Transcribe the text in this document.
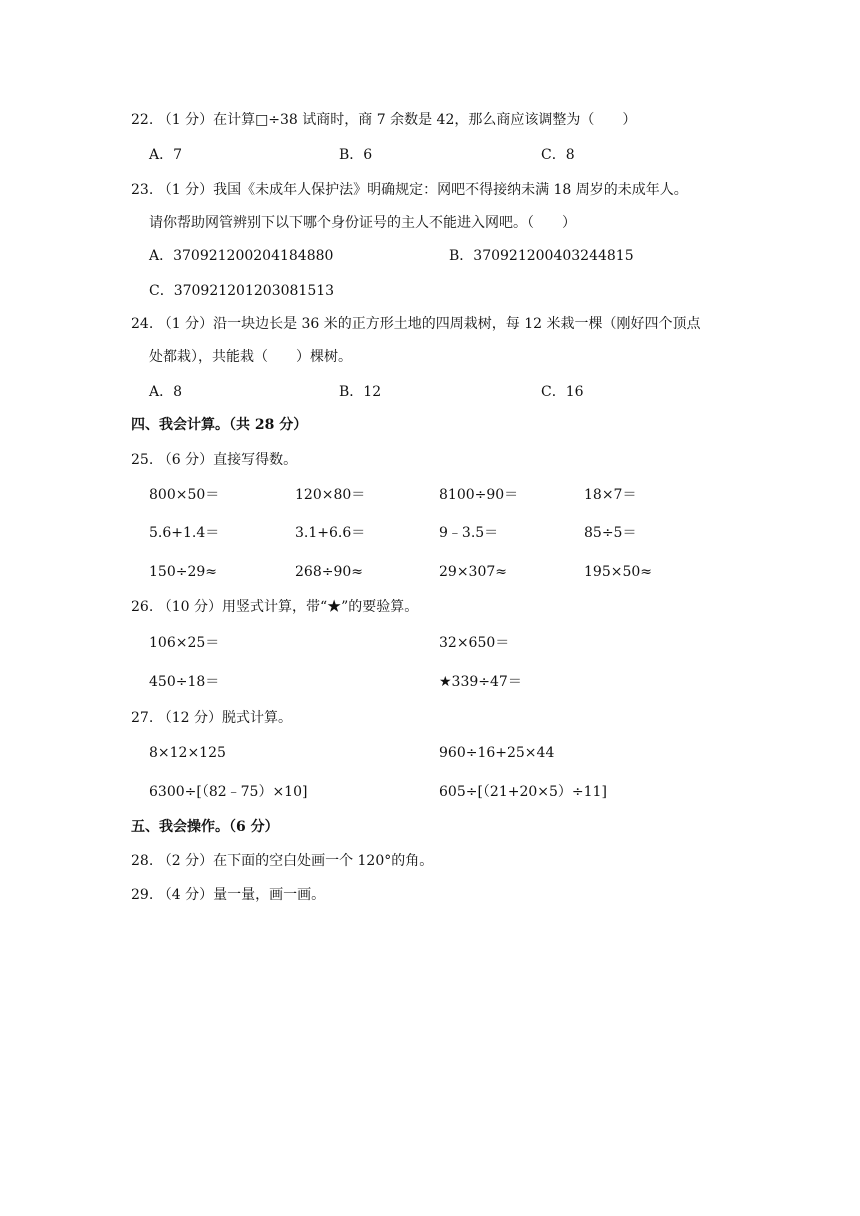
22. （1 分）在计算□÷38 试商时，商 7 余数是 42，那么商应该调整为（　　）
A．7	B．6	C．8
23. （1 分）我国《未成年人保护法》明确规定：网吧不得接纳未满 18 周岁的未成年人。
请你帮助网管辨别下以下哪个身份证号的主人不能进入网吧。（　　）
A．370921200204184880	B．370921200403244815
C．370921201203081513
24. （1 分）沿一块边长是 36 米的正方形土地的四周栽树，每 12 米栽一棵（刚好四个顶点
处都栽），共能栽（　　）棵树。
A．8	B．12	C．16
四、我会计算。（共 28 分）
25. （6 分）直接写得数。
800×50＝	120×80＝	8100÷90＝	18×7＝
5.6+1.4＝	3.1+6.6＝	9﹣3.5＝	85÷5＝
150÷29≈	268÷90≈	29×307≈	195×50≈
26. （10 分）用竖式计算，带“★”的要验算。
106×25＝	32×650＝
450÷18＝	★339÷47＝
27. （12 分）脱式计算。
8×12×125	960÷16+25×44
6300÷[（82﹣75）×10]	605÷[（21+20×5）÷11]
五、我会操作。（6 分）
28. （2 分）在下面的空白处画一个 120°的角。
29. （4 分）量一量，画一画。
